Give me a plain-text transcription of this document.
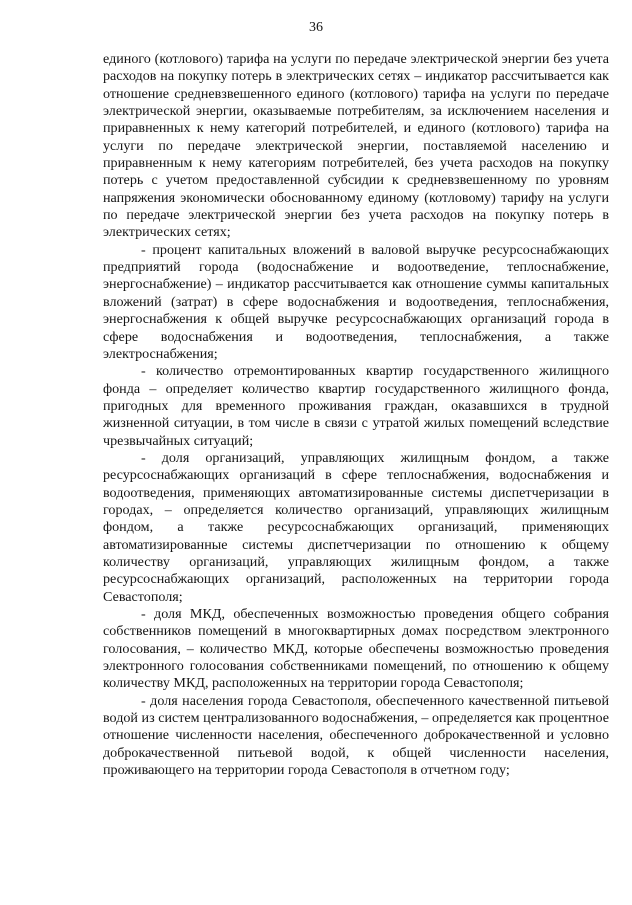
36

единого (котлового) тарифа на услуги по передаче электрической энергии без учета расходов на покупку потерь в электрических сетях – индикатор рассчитывается как отношение средневзвешенного единого (котлового) тарифа на услуги по передаче электрической энергии, оказываемые потребителям, за исключением населения и приравненных к нему категорий потребителей, и единого (котлового) тарифа на услуги по передаче электрической энергии, поставляемой населению и приравненным к нему категориям потребителей, без учета расходов на покупку потерь с учетом предоставленной субсидии к средневзвешенному по уровням напряжения экономически обоснованному единому (котловому) тарифу на услуги по передаче электрической энергии без учета расходов на покупку потерь в электрических сетях;

- процент капитальных вложений в валовой выручке ресурсоснабжающих предприятий города (водоснабжение и водоотведение, теплоснабжение, энергоснабжение) – индикатор рассчитывается как отношение суммы капитальных вложений (затрат) в сфере водоснабжения и водоотведения, теплоснабжения, энергоснабжения к общей выручке ресурсоснабжающих организаций города в сфере водоснабжения и водоотведения, теплоснабжения, а также электроснабжения;

- количество отремонтированных квартир государственного жилищного фонда – определяет количество квартир государственного жилищного фонда, пригодных для временного проживания граждан, оказавшихся в трудной жизненной ситуации, в том числе в связи с утратой жилых помещений вследствие чрезвычайных ситуаций;

- доля организаций, управляющих жилищным фондом, а также ресурсоснабжающих организаций в сфере теплоснабжения, водоснабжения и водоотведения, применяющих автоматизированные системы диспетчеризации в городах, – определяется количество организаций, управляющих жилищным фондом, а также ресурсоснабжающих организаций, применяющих автоматизированные системы диспетчеризации по отношению к общему количеству организаций, управляющих жилищным фондом, а также ресурсоснабжающих организаций, расположенных на территории города Севастополя;

- доля МКД, обеспеченных возможностью проведения общего собрания собственников помещений в многоквартирных домах посредством электронного голосования, – количество МКД, которые обеспечены возможностью проведения электронного голосования собственниками помещений, по отношению к общему количеству МКД, расположенных на территории города Севастополя;

- доля населения города Севастополя, обеспеченного качественной питьевой водой из систем централизованного водоснабжения, – определяется как процентное отношение численности населения, обеспеченного доброкачественной и условно доброкачественной питьевой водой, к общей численности населения, проживающего на территории города Севастополя в отчетном году;
